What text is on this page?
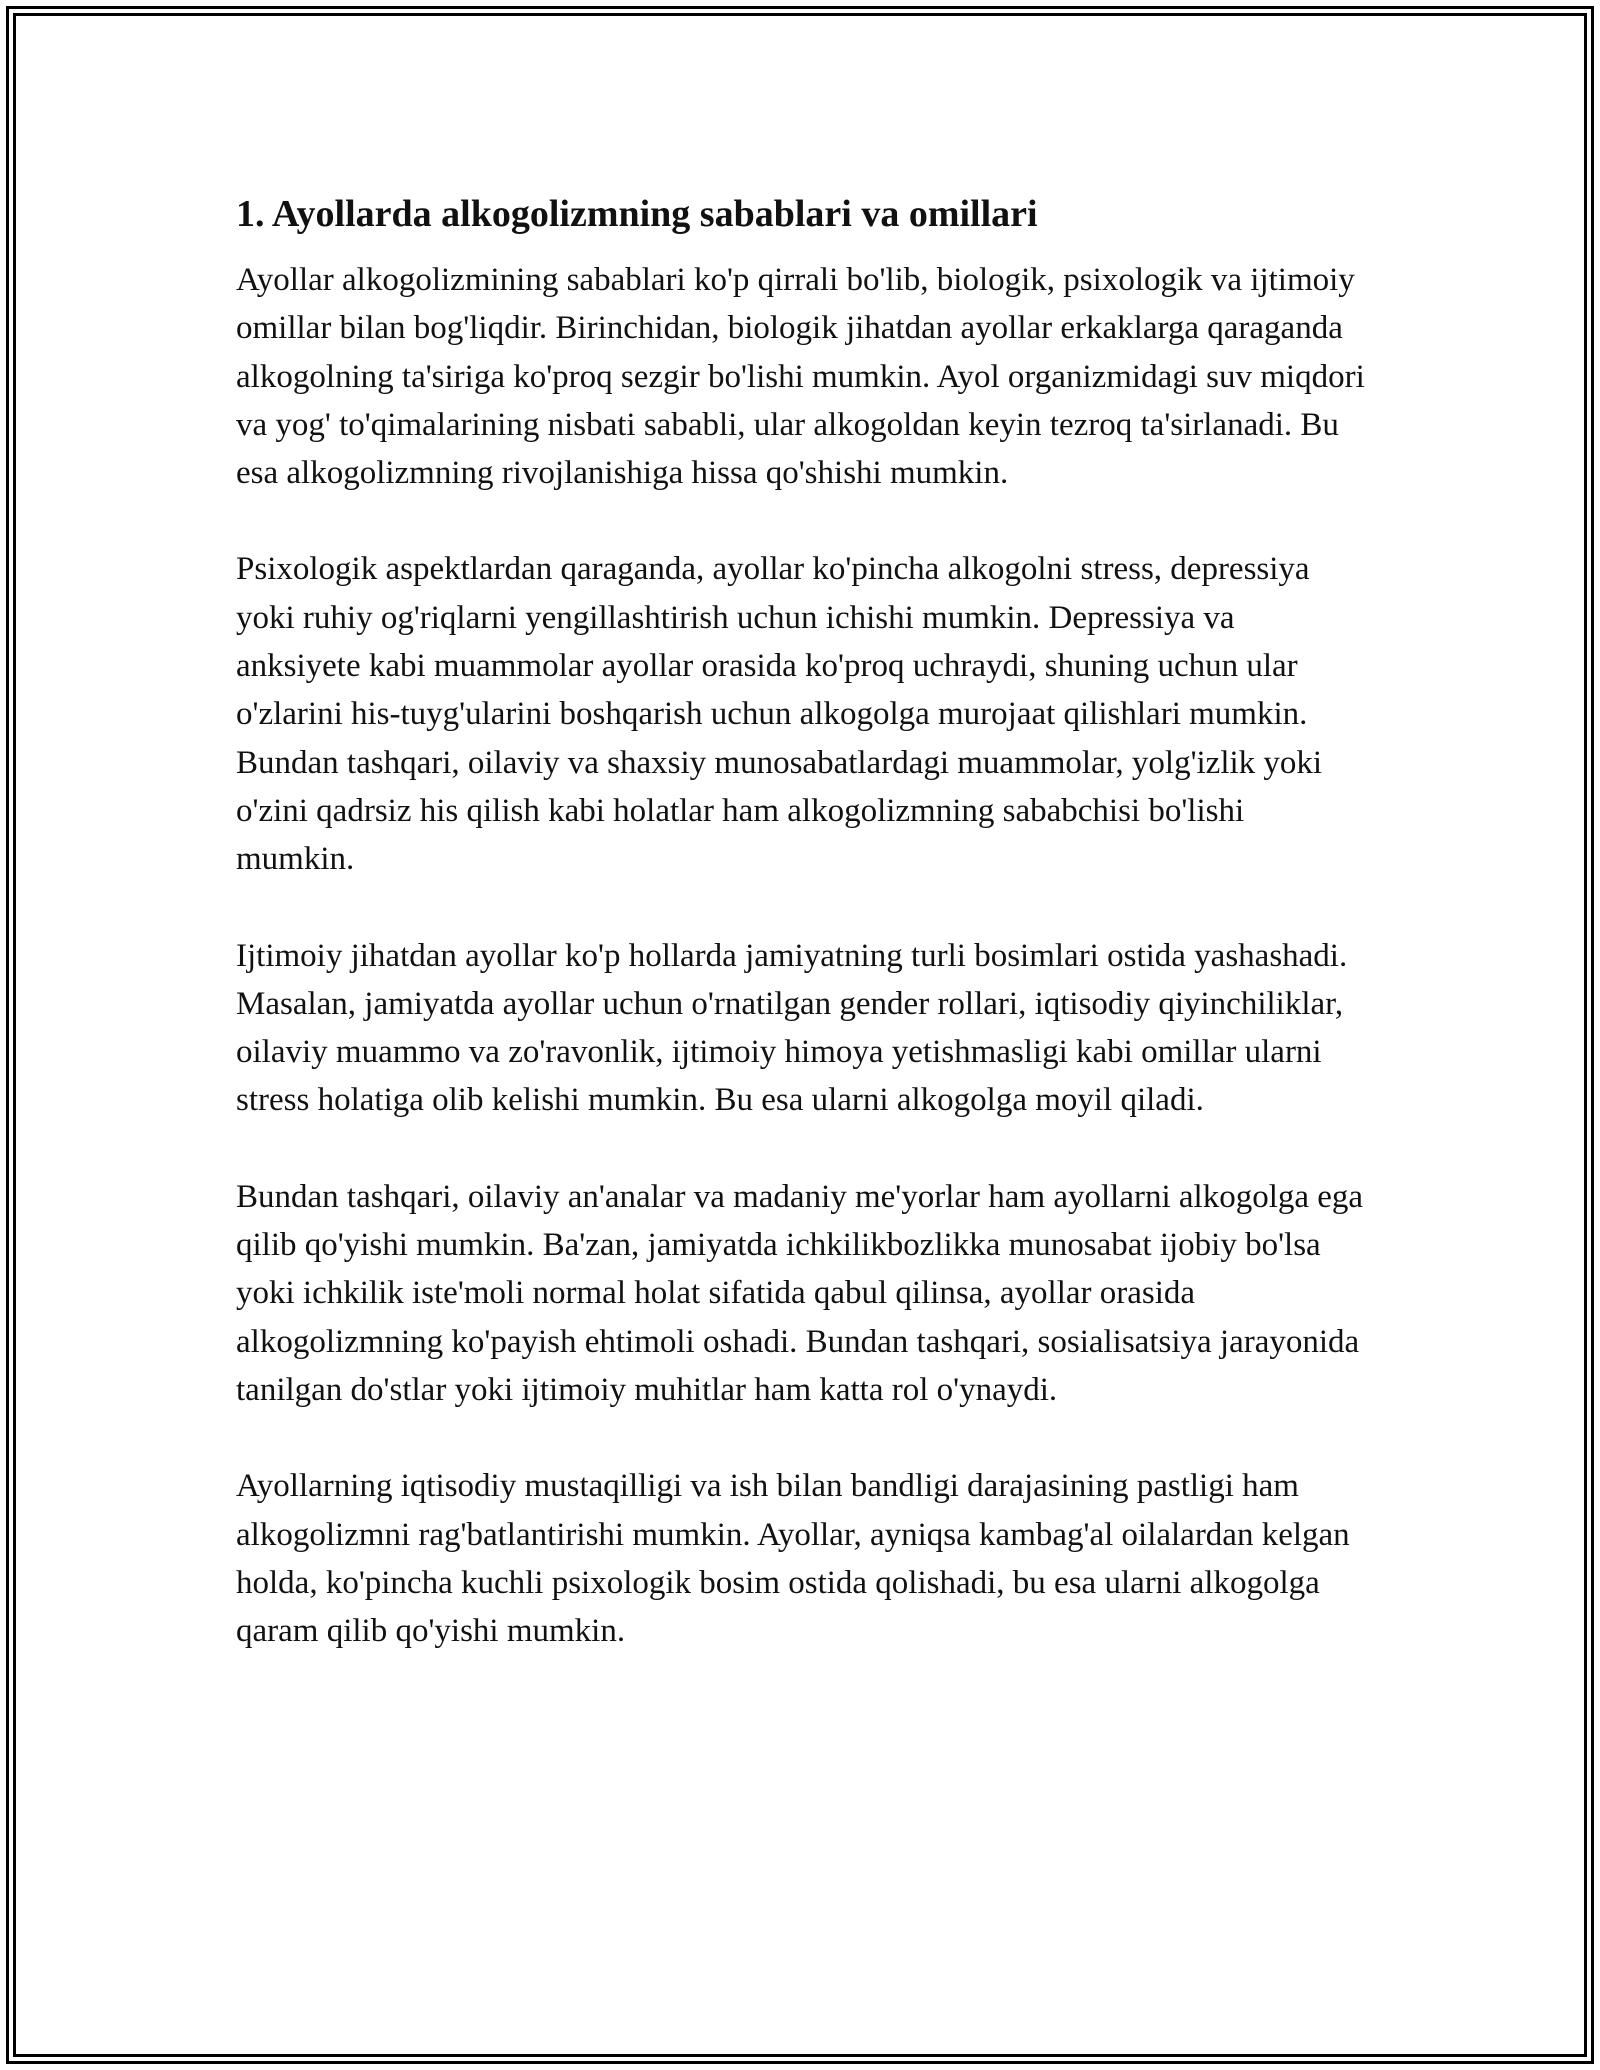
1. Ayollarda alkogolizmning sabablari va omillari

Ayollar alkogolizmining sabablari ko'p qirrali bo'lib, biologik, psixologik va ijtimoiy omillar bilan bog'liqdir. Birinchidan, biologik jihatdan ayollar erkaklarga qaraganda alkogolning ta'siriga ko'proq sezgir bo'lishi mumkin. Ayol organizmidagi suv miqdori va yog' to'qimalarining nisbati sababli, ular alkogoldan keyin tezroq ta'sirlanadi. Bu esa alkogolizmning rivojlanishiga hissa qo'shishi mumkin.

Psixologik aspektlardan qaraganda, ayollar ko'pincha alkogolni stress, depressiya yoki ruhiy og'riqlarni yengillashtirish uchun ichishi mumkin. Depressiya va anksiyete kabi muammolar ayollar orasida ko'proq uchraydi, shuning uchun ular o'zlarini his-tuyg'ularini boshqarish uchun alkogolga murojaat qilishlari mumkin. Bundan tashqari, oilaviy va shaxsiy munosabatlardagi muammolar, yolg'izlik yoki o'zini qadrsiz his qilish kabi holatlar ham alkogolizmning sababchisi bo'lishi mumkin.

Ijtimoiy jihatdan ayollar ko'p hollarda jamiyatning turli bosimlari ostida yashashadi. Masalan, jamiyatda ayollar uchun o'rnatilgan gender rollari, iqtisodiy qiyinchiliklar, oilaviy muammo va zo'ravonlik, ijtimoiy himoya yetishmasligi kabi omillar ularni stress holatiga olib kelishi mumkin. Bu esa ularni alkogolga moyil qiladi.

Bundan tashqari, oilaviy an'analar va madaniy me'yorlar ham ayollarni alkogolga ega qilib qo'yishi mumkin. Ba'zan, jamiyatda ichkilikbozlikka munosabat ijobiy bo'lsa yoki ichkilik iste'moli normal holat sifatida qabul qilinsa, ayollar orasida alkogolizmning ko'payish ehtimoli oshadi. Bundan tashqari, sosialisatsiya jarayonida tanilgan do'stlar yoki ijtimoiy muhitlar ham katta rol o'ynaydi.

Ayollarning iqtisodiy mustaqilligi va ish bilan bandligi darajasining pastligi ham alkogolizmni rag'batlantirishi mumkin. Ayollar, ayniqsa kambag'al oilalardan kelgan holda, ko'pincha kuchli psixologik bosim ostida qolishadi, bu esa ularni alkogolga qaram qilib qo'yishi mumkin.
